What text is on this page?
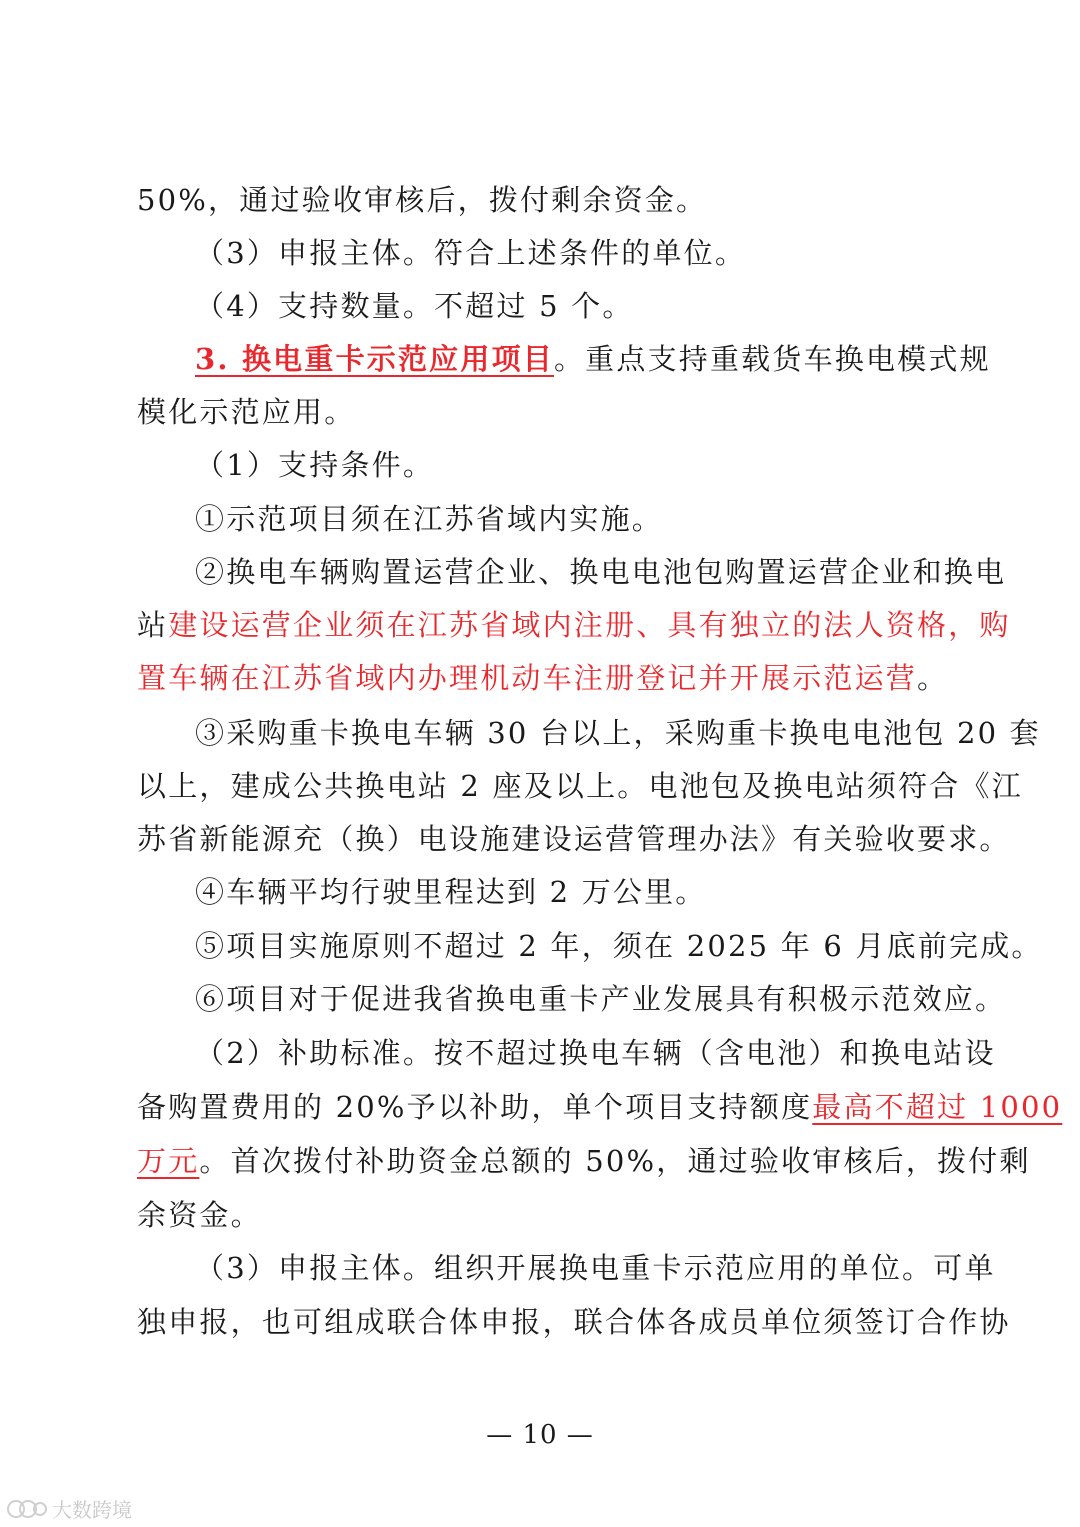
50%，通过验收审核后，拨付剩余资金。
（3）申报主体。符合上述条件的单位。
（4）支持数量。不超过 5 个。
3. 换电重卡示范应用项目。重点支持重载货车换电模式规
模化示范应用。
（1）支持条件。
①示范项目须在江苏省域内实施。
②换电车辆购置运营企业、换电电池包购置运营企业和换电
站建设运营企业须在江苏省域内注册、具有独立的法人资格，购
置车辆在江苏省域内办理机动车注册登记并开展示范运营。
③采购重卡换电车辆 30 台以上，采购重卡换电电池包 20 套
以上，建成公共换电站 2 座及以上。电池包及换电站须符合《江
苏省新能源充（换）电设施建设运营管理办法》有关验收要求。
④车辆平均行驶里程达到 2 万公里。
⑤项目实施原则不超过 2 年，须在 2025 年 6 月底前完成。
⑥项目对于促进我省换电重卡产业发展具有积极示范效应。
（2）补助标准。按不超过换电车辆（含电池）和换电站设
备购置费用的 20%予以补助，单个项目支持额度最高不超过 1000
万元。首次拨付补助资金总额的 50%，通过验收审核后，拨付剩
余资金。
（3）申报主体。组织开展换电重卡示范应用的单位。可单
独申报，也可组成联合体申报，联合体各成员单位须签订合作协
— 10 —
大数跨境
